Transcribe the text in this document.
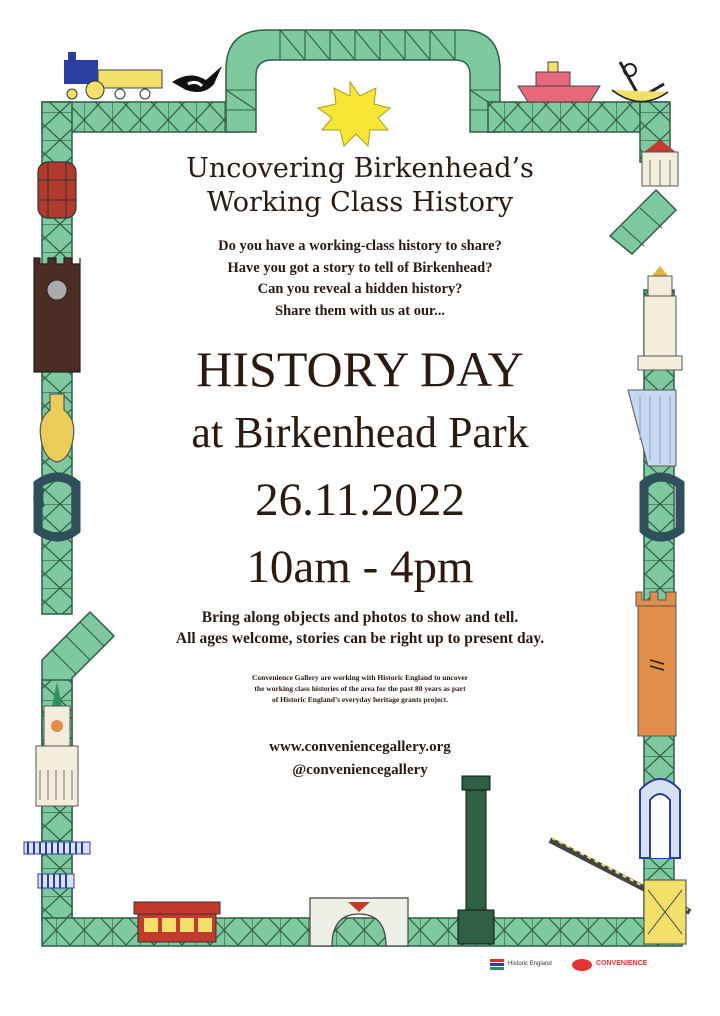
Uncovering Birkenhead’s
Working Class History
Do you have a working-class history to share?
Have you got a story to tell of Birkenhead?
Can you reveal a hidden history?
Share them with us at our...
HISTORY DAY
at Birkenhead Park
26.11.2022
10am - 4pm
Bring along objects and photos to show and tell.
All ages welcome, stories can be right up to present day.
Convenience Gallery are working with Historic England to uncover
the working class histories of the area for the past 80 years as part
of Historic England’s everyday heritage grants project.
www.conveniencegallery.org
@conveniencegallery
Historic England	CONVENIENCE
